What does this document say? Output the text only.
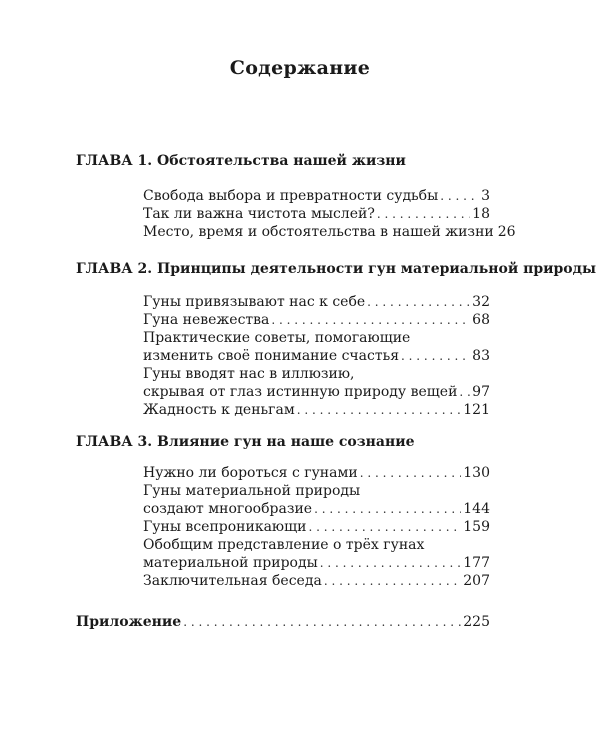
Содержание
ГЛАВА 1. Обстоятельства нашей жизни
Свобода выбора и превратности судьбы . . .	3
Так ли важна чистота мыслей? . . .	18
Место, время и обстоятельства в нашей жизни 26
ГЛАВА 2. Принципы деятельности гун материальной природы
Гуны привязывают нас к себе . . .	32
Гуна невежества . . .	68
Практические советы, помогающие
изменить своё понимание счастья . . .	83
Гуны вводят нас в иллюзию,
скрывая от глаз истинную природу вещей . . . 97
Жадность к деньгам . . .	121
ГЛАВА 3. Влияние гун на наше сознание
Нужно ли бороться с гунами . . .	130
Гуны материальной природы
создают многообразие . . .	144
Гуны всепроникающи . . .	159
Обобщим представление о трёх гунах
материальной природы . . .	177
Заключительная беседа . . .	207
Приложение . . .	225
